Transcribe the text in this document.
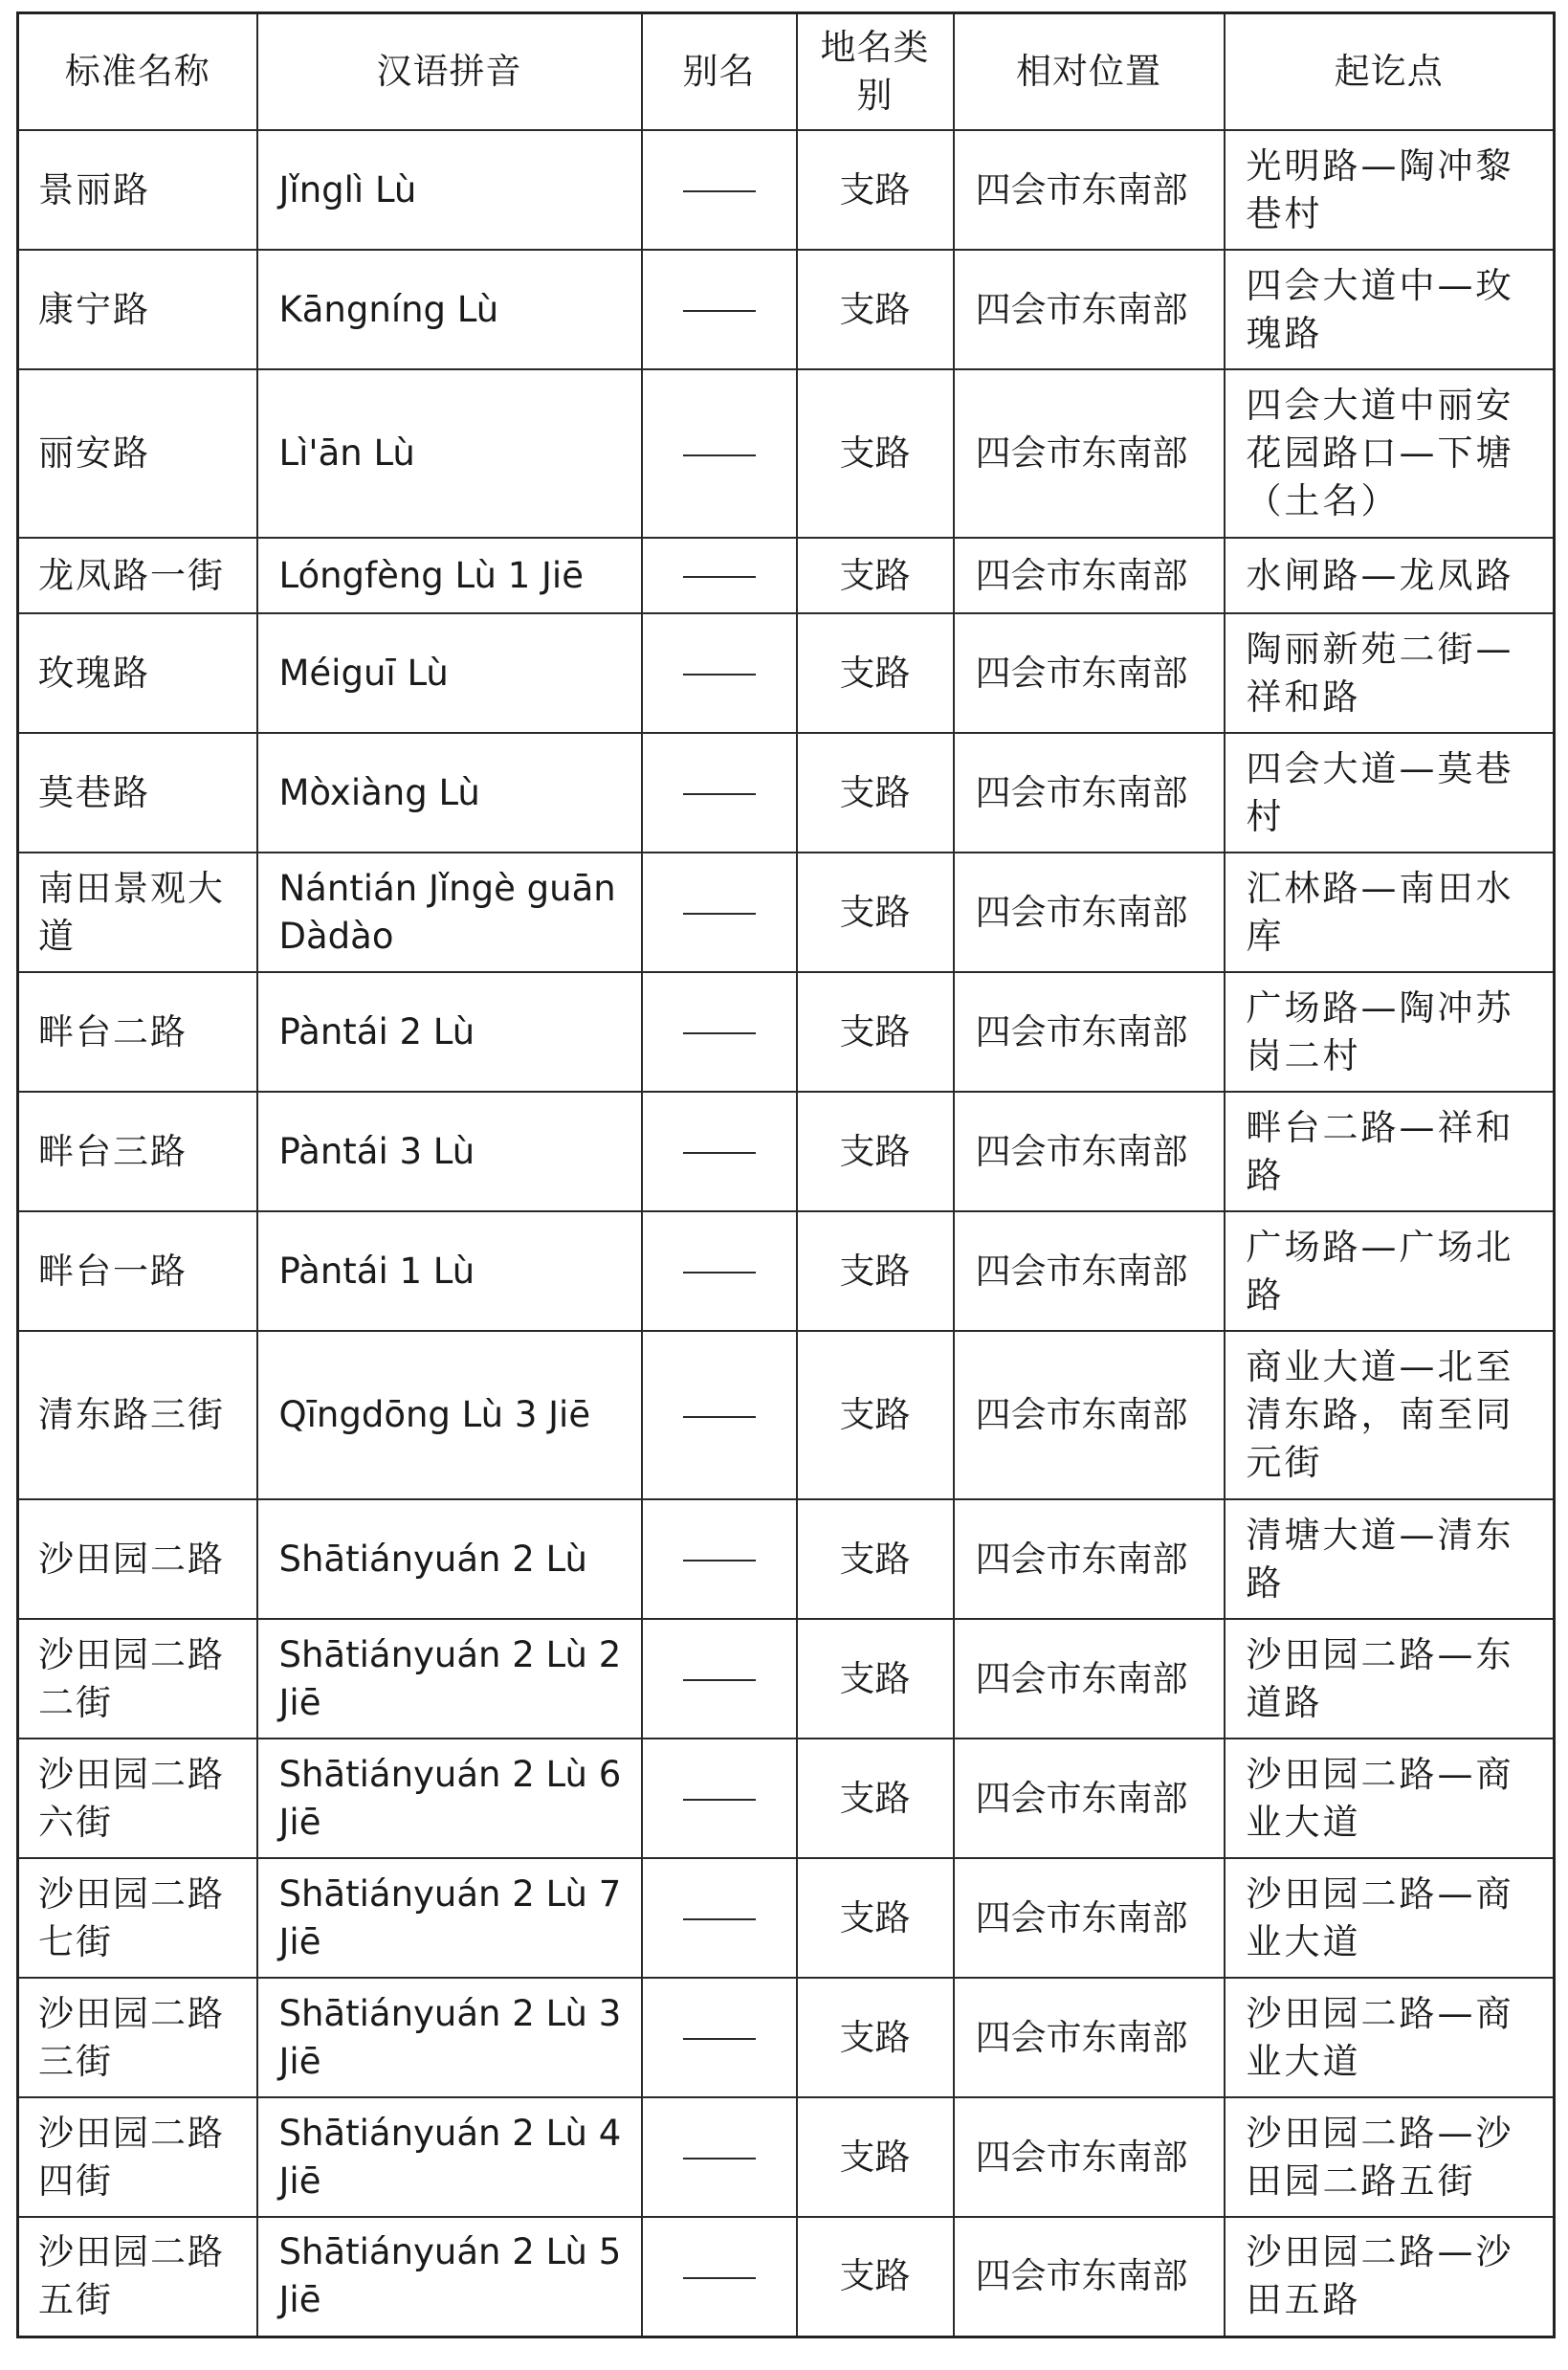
标准名称	汉语拼音	别名	地名类别	相对位置	起讫点
景丽路	Jǐnglì Lù		支路	四会市东南部	光明路—陶冲黎巷村
康宁路	Kāngníng Lù		支路	四会市东南部	四会大道中—玫瑰路
丽安路	Lì'ān Lù		支路	四会市东南部	四会大道中丽安花园路口—下塘（土名）
龙凤路一街	Lóngfèng Lù 1 Jiē		支路	四会市东南部	水闸路—龙凤路
玫瑰路	Méiguī Lù		支路	四会市东南部	陶丽新苑二街—祥和路
莫巷路	Mòxiàng Lù		支路	四会市东南部	四会大道—莫巷村
南田景观大道	Nántián Jǐngè guān Dàdào		支路	四会市东南部	汇林路—南田水库
畔台二路	Pàntái 2 Lù		支路	四会市东南部	广场路—陶冲苏岗二村
畔台三路	Pàntái 3 Lù		支路	四会市东南部	畔台二路—祥和路
畔台一路	Pàntái 1 Lù		支路	四会市东南部	广场路—广场北路
清东路三街	Qīngdōng Lù 3 Jiē		支路	四会市东南部	商业大道—北至清东路，南至同元街
沙田园二路	Shātiányuán 2 Lù		支路	四会市东南部	清塘大道—清东路
沙田园二路二街	Shātiányuán 2 Lù 2 Jiē		支路	四会市东南部	沙田园二路—东道路
沙田园二路六街	Shātiányuán 2 Lù 6 Jiē		支路	四会市东南部	沙田园二路—商业大道
沙田园二路七街	Shātiányuán 2 Lù 7 Jiē		支路	四会市东南部	沙田园二路—商业大道
沙田园二路三街	Shātiányuán 2 Lù 3 Jiē		支路	四会市东南部	沙田园二路—商业大道
沙田园二路四街	Shātiányuán 2 Lù 4 Jiē		支路	四会市东南部	沙田园二路—沙田园二路五街
沙田园二路五街	Shātiányuán 2 Lù 5 Jiē		支路	四会市东南部	沙田园二路—沙田五路
